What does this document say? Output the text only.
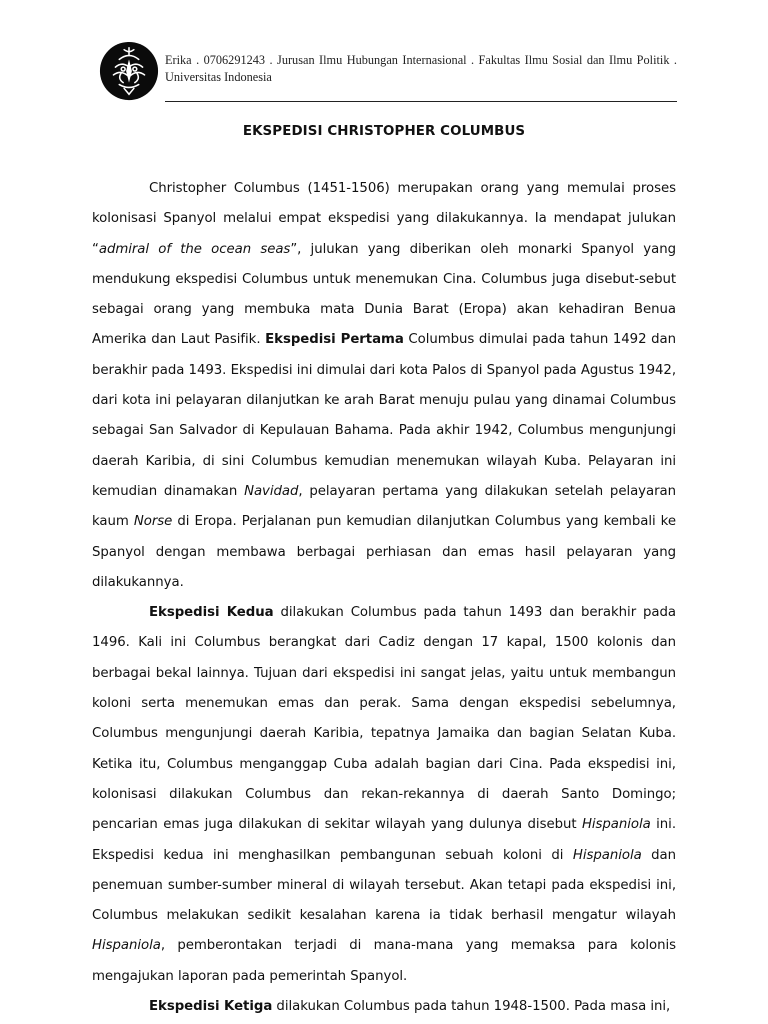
Erika . 0706291243 . Jurusan Ilmu Hubungan Internasional . Fakultas Ilmu Sosial dan Ilmu Politik . Universitas Indonesia
EKSPEDISI CHRISTOPHER COLUMBUS

Christopher Columbus (1451-1506) merupakan orang yang memulai proses kolonisasi Spanyol melalui empat ekspedisi yang dilakukannya. Ia mendapat julukan “admiral of the ocean seas”, julukan yang diberikan oleh monarki Spanyol yang mendukung ekspedisi Columbus untuk menemukan Cina. Columbus juga disebut-sebut sebagai orang yang membuka mata Dunia Barat (Eropa) akan kehadiran Benua Amerika dan Laut Pasifik. Ekspedisi Pertama Columbus dimulai pada tahun 1492 dan berakhir pada 1493. Ekspedisi ini dimulai dari kota Palos di Spanyol pada Agustus 1942, dari kota ini pelayaran dilanjutkan ke arah Barat menuju pulau yang dinamai Columbus sebagai San Salvador di Kepulauan Bahama. Pada akhir 1942, Columbus mengunjungi daerah Karibia, di sini Columbus kemudian menemukan wilayah Kuba. Pelayaran ini kemudian dinamakan Navidad, pelayaran pertama yang dilakukan setelah pelayaran kaum Norse di Eropa. Perjalanan pun kemudian dilanjutkan Columbus yang kembali ke Spanyol dengan membawa berbagai perhiasan dan emas hasil pelayaran yang dilakukannya.

Ekspedisi Kedua dilakukan Columbus pada tahun 1493 dan berakhir pada 1496. Kali ini Columbus berangkat dari Cadiz dengan 17 kapal, 1500 kolonis dan berbagai bekal lainnya. Tujuan dari ekspedisi ini sangat jelas, yaitu untuk membangun koloni serta menemukan emas dan perak. Sama dengan ekspedisi sebelumnya, Columbus mengunjungi daerah Karibia, tepatnya Jamaika dan bagian Selatan Kuba. Ketika itu, Columbus menganggap Cuba adalah bagian dari Cina. Pada ekspedisi ini, kolonisasi dilakukan Columbus dan rekan-rekannya di daerah Santo Domingo; pencarian emas juga dilakukan di sekitar wilayah yang dulunya disebut Hispaniola ini. Ekspedisi kedua ini menghasilkan pembangunan sebuah koloni di Hispaniola dan penemuan sumber-sumber mineral di wilayah tersebut. Akan tetapi pada ekspedisi ini, Columbus melakukan sedikit kesalahan karena ia tidak berhasil mengatur wilayah Hispaniola, pemberontakan terjadi di mana-mana yang memaksa para kolonis mengajukan laporan pada pemerintah Spanyol.

Ekspedisi Ketiga dilakukan Columbus pada tahun 1948-1500. Pada masa ini,
